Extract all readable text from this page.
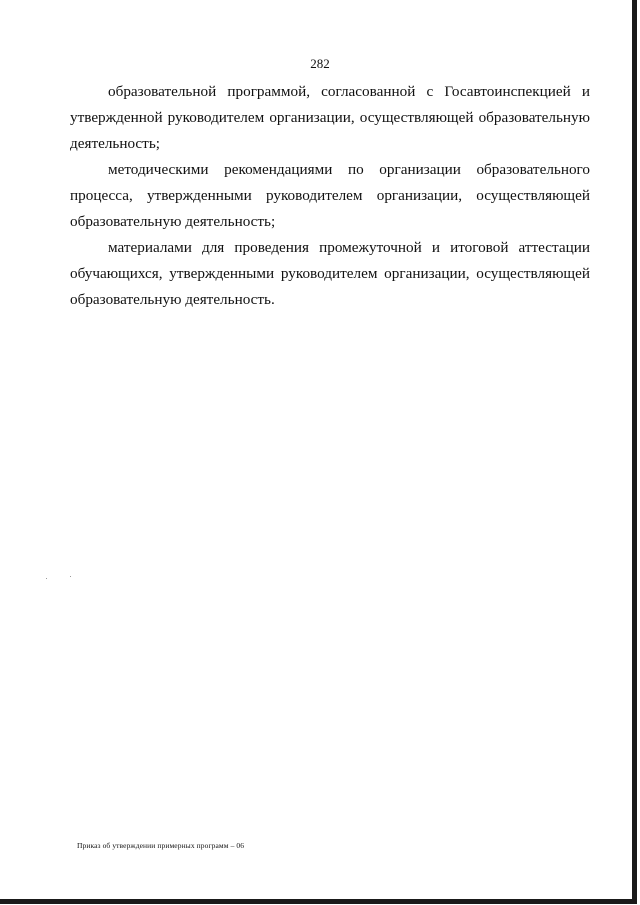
282

образовательной программой, согласованной с Госавтоинспекцией и утвержденной руководителем организации, осуществляющей образовательную деятельность;

методическими рекомендациями по организации образовательного процесса, утвержденными руководителем организации, осуществляющей образовательную деятельность;

материалами для проведения промежуточной и итоговой аттестации обучающихся, утвержденными руководителем организации, осуществляющей образовательную деятельность.

Приказ об утверждении примерных программ – 06
